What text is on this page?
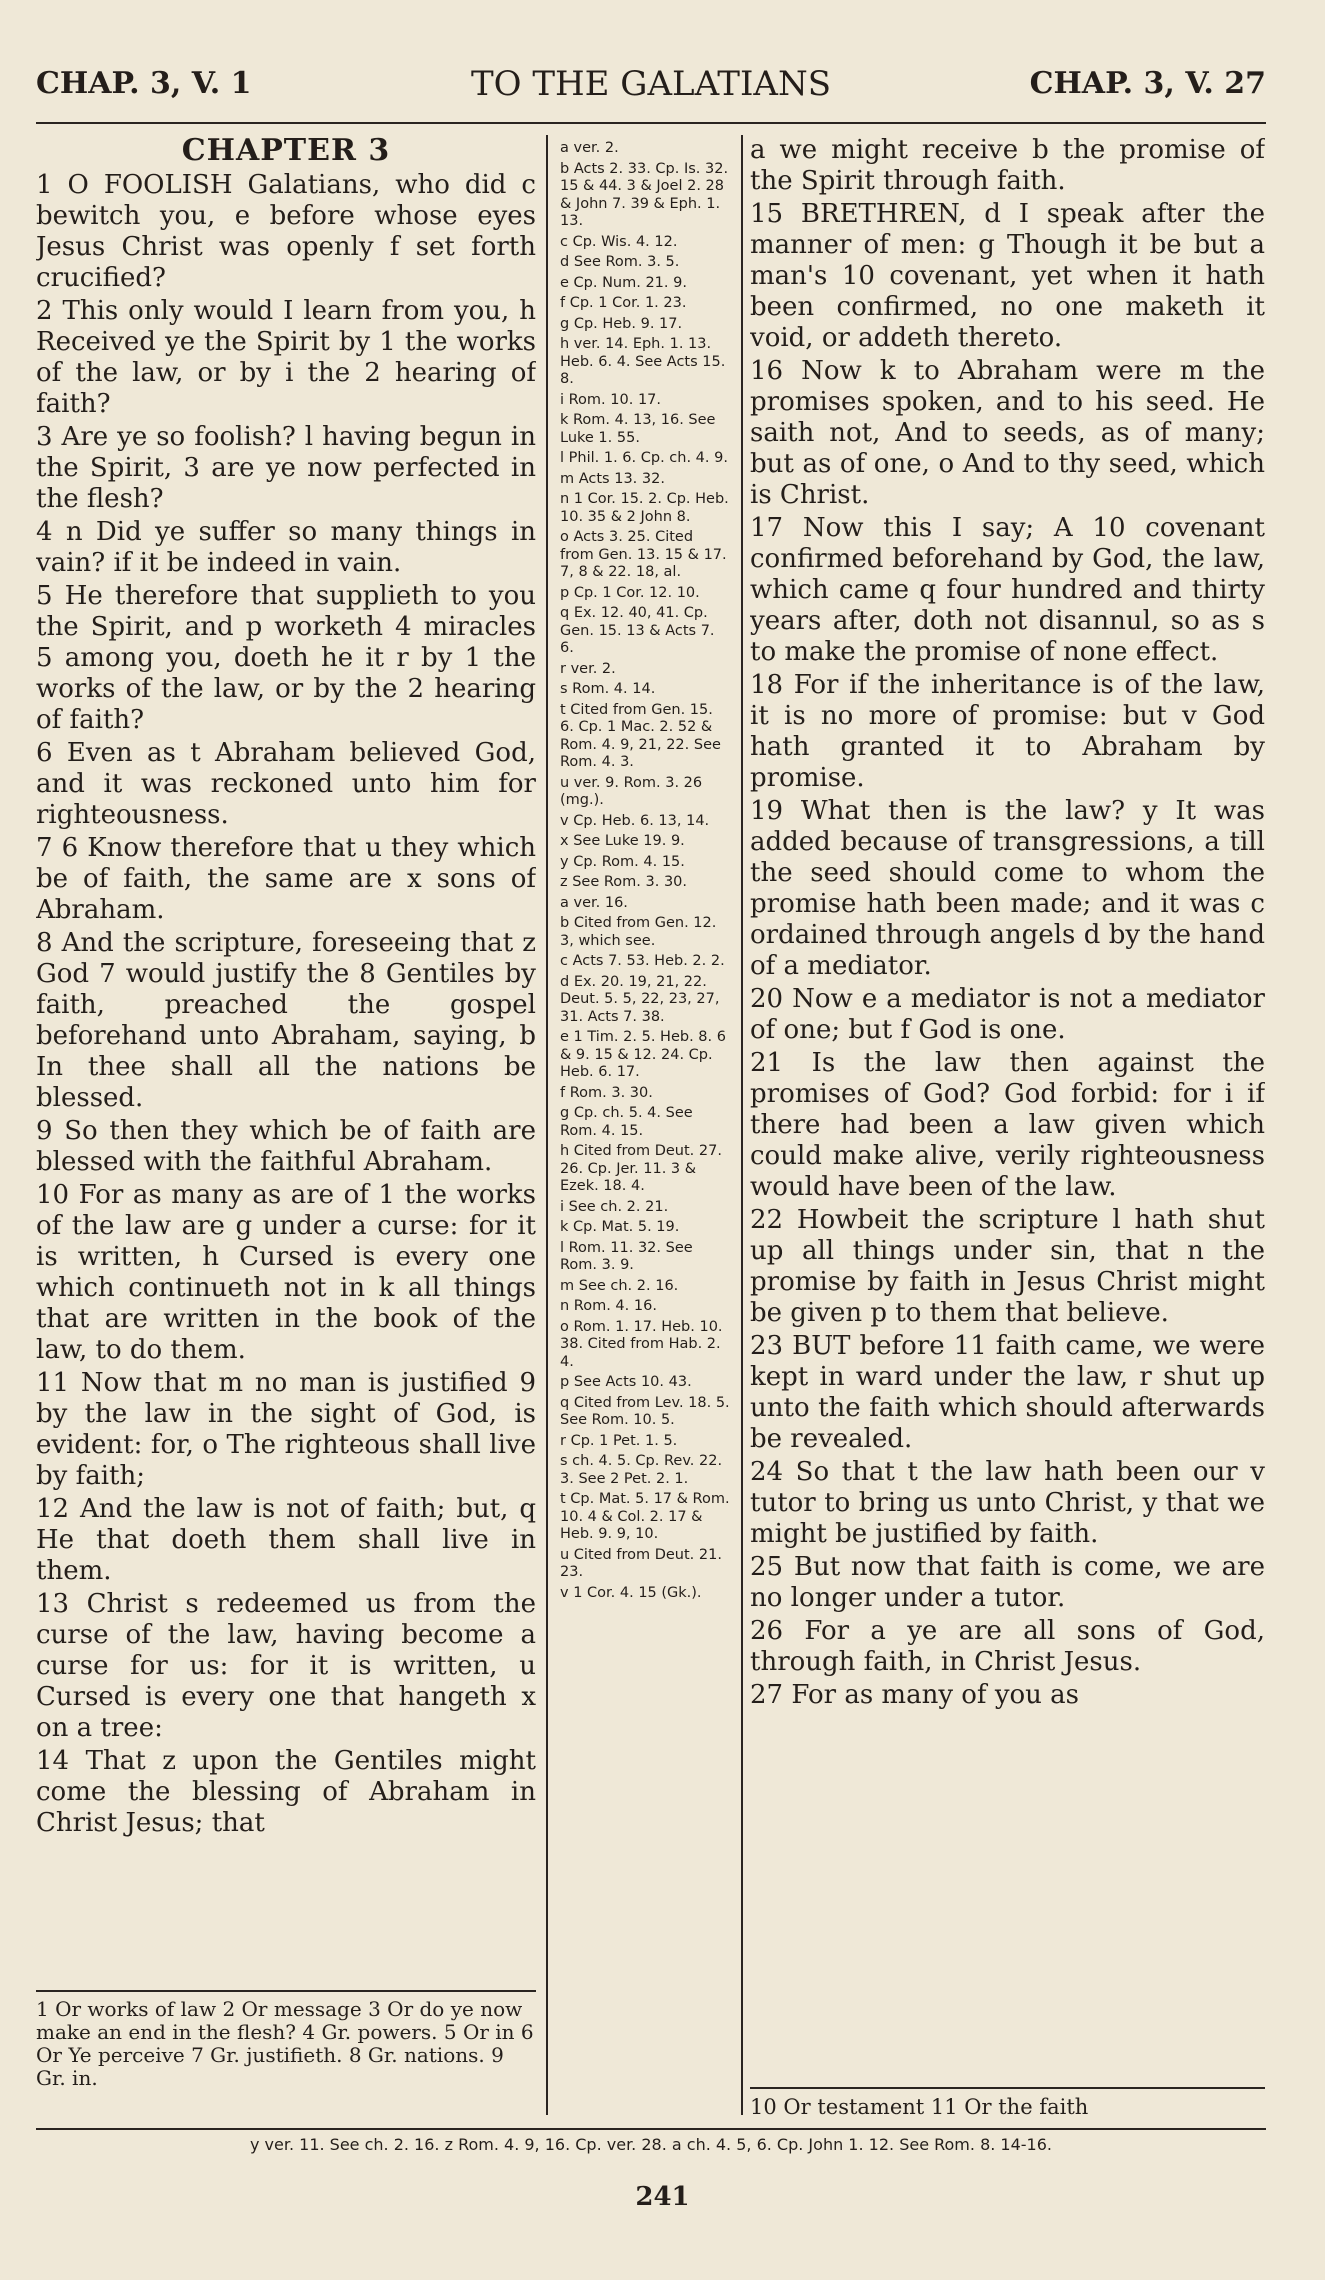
CHAP. 3, V. 1	TO THE GALATIANS	CHAP. 3, V. 27
CHAPTER 3

1 O FOOLISH Galatians, who did c bewitch you, e before whose eyes Jesus Christ was openly f set forth crucified?

2 This only would I learn from you, h Received ye the Spirit by 1 the works of the law, or by i the 2 hearing of faith?

3 Are ye so foolish? l having begun in the Spirit, 3 are ye now perfected in the flesh?

4 n Did ye suffer so many things in vain? if it be indeed in vain.

5 He therefore that supplieth to you the Spirit, and p worketh 4 miracles 5 among you, doeth he it r by 1 the works of the law, or by the 2 hearing of faith?

6 Even as t Abraham believed God, and it was reckoned unto him for righteousness.

7 6 Know therefore that u they which be of faith, the same are x sons of Abraham.

8 And the scripture, foreseeing that z God 7 would justify the 8 Gentiles by faith, preached the gospel beforehand unto Abraham, saying, b In thee shall all the nations be blessed.

9 So then they which be of faith are blessed with the faithful Abraham.

10 For as many as are of 1 the works of the law are g under a curse: for it is written, h Cursed is every one which continueth not in k all things that are written in the book of the law, to do them.

11 Now that m no man is justified 9 by the law in the sight of God, is evident: for, o The righteous shall live by faith;

12 And the law is not of faith; but, q He that doeth them shall live in them.

13 Christ s redeemed us from the curse of the law, having become a curse for us: for it is written, u Cursed is every one that hangeth x on a tree:

14 That z upon the Gentiles might come the blessing of Abraham in Christ Jesus; that

a ver. 2.
b Acts 2. 33. Cp. Is. 32. 15 & 44. 3 & Joel 2. 28 & John 7. 39 & Eph. 1. 13.
c Cp. Wis. 4. 12.
d See Rom. 3. 5.
e Cp. Num. 21. 9.
f Cp. 1 Cor. 1. 23.
g Cp. Heb. 9. 17.
h ver. 14. Eph. 1. 13. Heb. 6. 4. See Acts 15. 8.
i Rom. 10. 17.
k Rom. 4. 13, 16. See Luke 1. 55.
l Phil. 1. 6. Cp. ch. 4. 9.
m Acts 13. 32.
n 1 Cor. 15. 2. Cp. Heb. 10. 35 & 2 John 8.
o Acts 3. 25. Cited from Gen. 13. 15 & 17. 7, 8 & 22. 18, al.
p Cp. 1 Cor. 12. 10.
q Ex. 12. 40, 41. Cp. Gen. 15. 13 & Acts 7. 6.
r ver. 2.
s Rom. 4. 14.
t Cited from Gen. 15. 6. Cp. 1 Mac. 2. 52 & Rom. 4. 9, 21, 22. See Rom. 4. 3.
u ver. 9. Rom. 3. 26 (mg.).
v Cp. Heb. 6. 13, 14.
x See Luke 19. 9.
y Cp. Rom. 4. 15.
z See Rom. 3. 30.
a ver. 16.
b Cited from Gen. 12. 3, which see.
c Acts 7. 53. Heb. 2. 2.
d Ex. 20. 19, 21, 22. Deut. 5. 5, 22, 23, 27, 31. Acts 7. 38.
e 1 Tim. 2. 5. Heb. 8. 6 & 9. 15 & 12. 24. Cp. Heb. 6. 17.
f Rom. 3. 30.
g Cp. ch. 5. 4. See Rom. 4. 15.
h Cited from Deut. 27. 26. Cp. Jer. 11. 3 & Ezek. 18. 4.
i See ch. 2. 21.
k Cp. Mat. 5. 19.
l Rom. 11. 32. See Rom. 3. 9.
m See ch. 2. 16.
n Rom. 4. 16.
o Rom. 1. 17. Heb. 10. 38. Cited from Hab. 2. 4.
p See Acts 10. 43.
q Cited from Lev. 18. 5. See Rom. 10. 5.
r Cp. 1 Pet. 1. 5.
s ch. 4. 5. Cp. Rev. 22. 3. See 2 Pet. 2. 1.
t Cp. Mat. 5. 17 & Rom. 10. 4 & Col. 2. 17 & Heb. 9. 9, 10.
u Cited from Deut. 21. 23.
v 1 Cor. 4. 15 (Gk.).

a we might receive b the promise of the Spirit through faith.

15 BRETHREN, d I speak after the manner of men: g Though it be but a man's 10 covenant, yet when it hath been confirmed, no one maketh it void, or addeth thereto.

16 Now k to Abraham were m the promises spoken, and to his seed. He saith not, And to seeds, as of many; but as of one, o And to thy seed, which is Christ.

17 Now this I say; A 10 covenant confirmed beforehand by God, the law, which came q four hundred and thirty years after, doth not disannul, so as s to make the promise of none effect.

18 For if the inheritance is of the law, it is no more of promise: but v God hath granted it to Abraham by promise.

19 What then is the law? y It was added because of transgressions, a till the seed should come to whom the promise hath been made; and it was c ordained through angels d by the hand of a mediator.

20 Now e a mediator is not a mediator of one; but f God is one.

21 Is the law then against the promises of God? God forbid: for i if there had been a law given which could make alive, verily righteousness would have been of the law.

22 Howbeit the scripture l hath shut up all things under sin, that n the promise by faith in Jesus Christ might be given p to them that believe.

23 BUT before 11 faith came, we were kept in ward under the law, r shut up unto the faith which should afterwards be revealed.

24 So that t the law hath been our v tutor to bring us unto Christ, y that we might be justified by faith.

25 But now that faith is come, we are no longer under a tutor.

26 For a ye are all sons of God, through faith, in Christ Jesus.

27 For as many of you as

1 Or works of law 2 Or message 3 Or do ye now make an end in the flesh? 4 Gr. powers. 5 Or in 6 Or Ye perceive 7 Gr. justifieth. 8 Gr. nations. 9 Gr. in.
10 Or testament 11 Or the faith
y ver. 11. See ch. 2. 16. z Rom. 4. 9, 16. Cp. ver. 28. a ch. 4. 5, 6. Cp. John 1. 12. See Rom. 8. 14-16.
241
